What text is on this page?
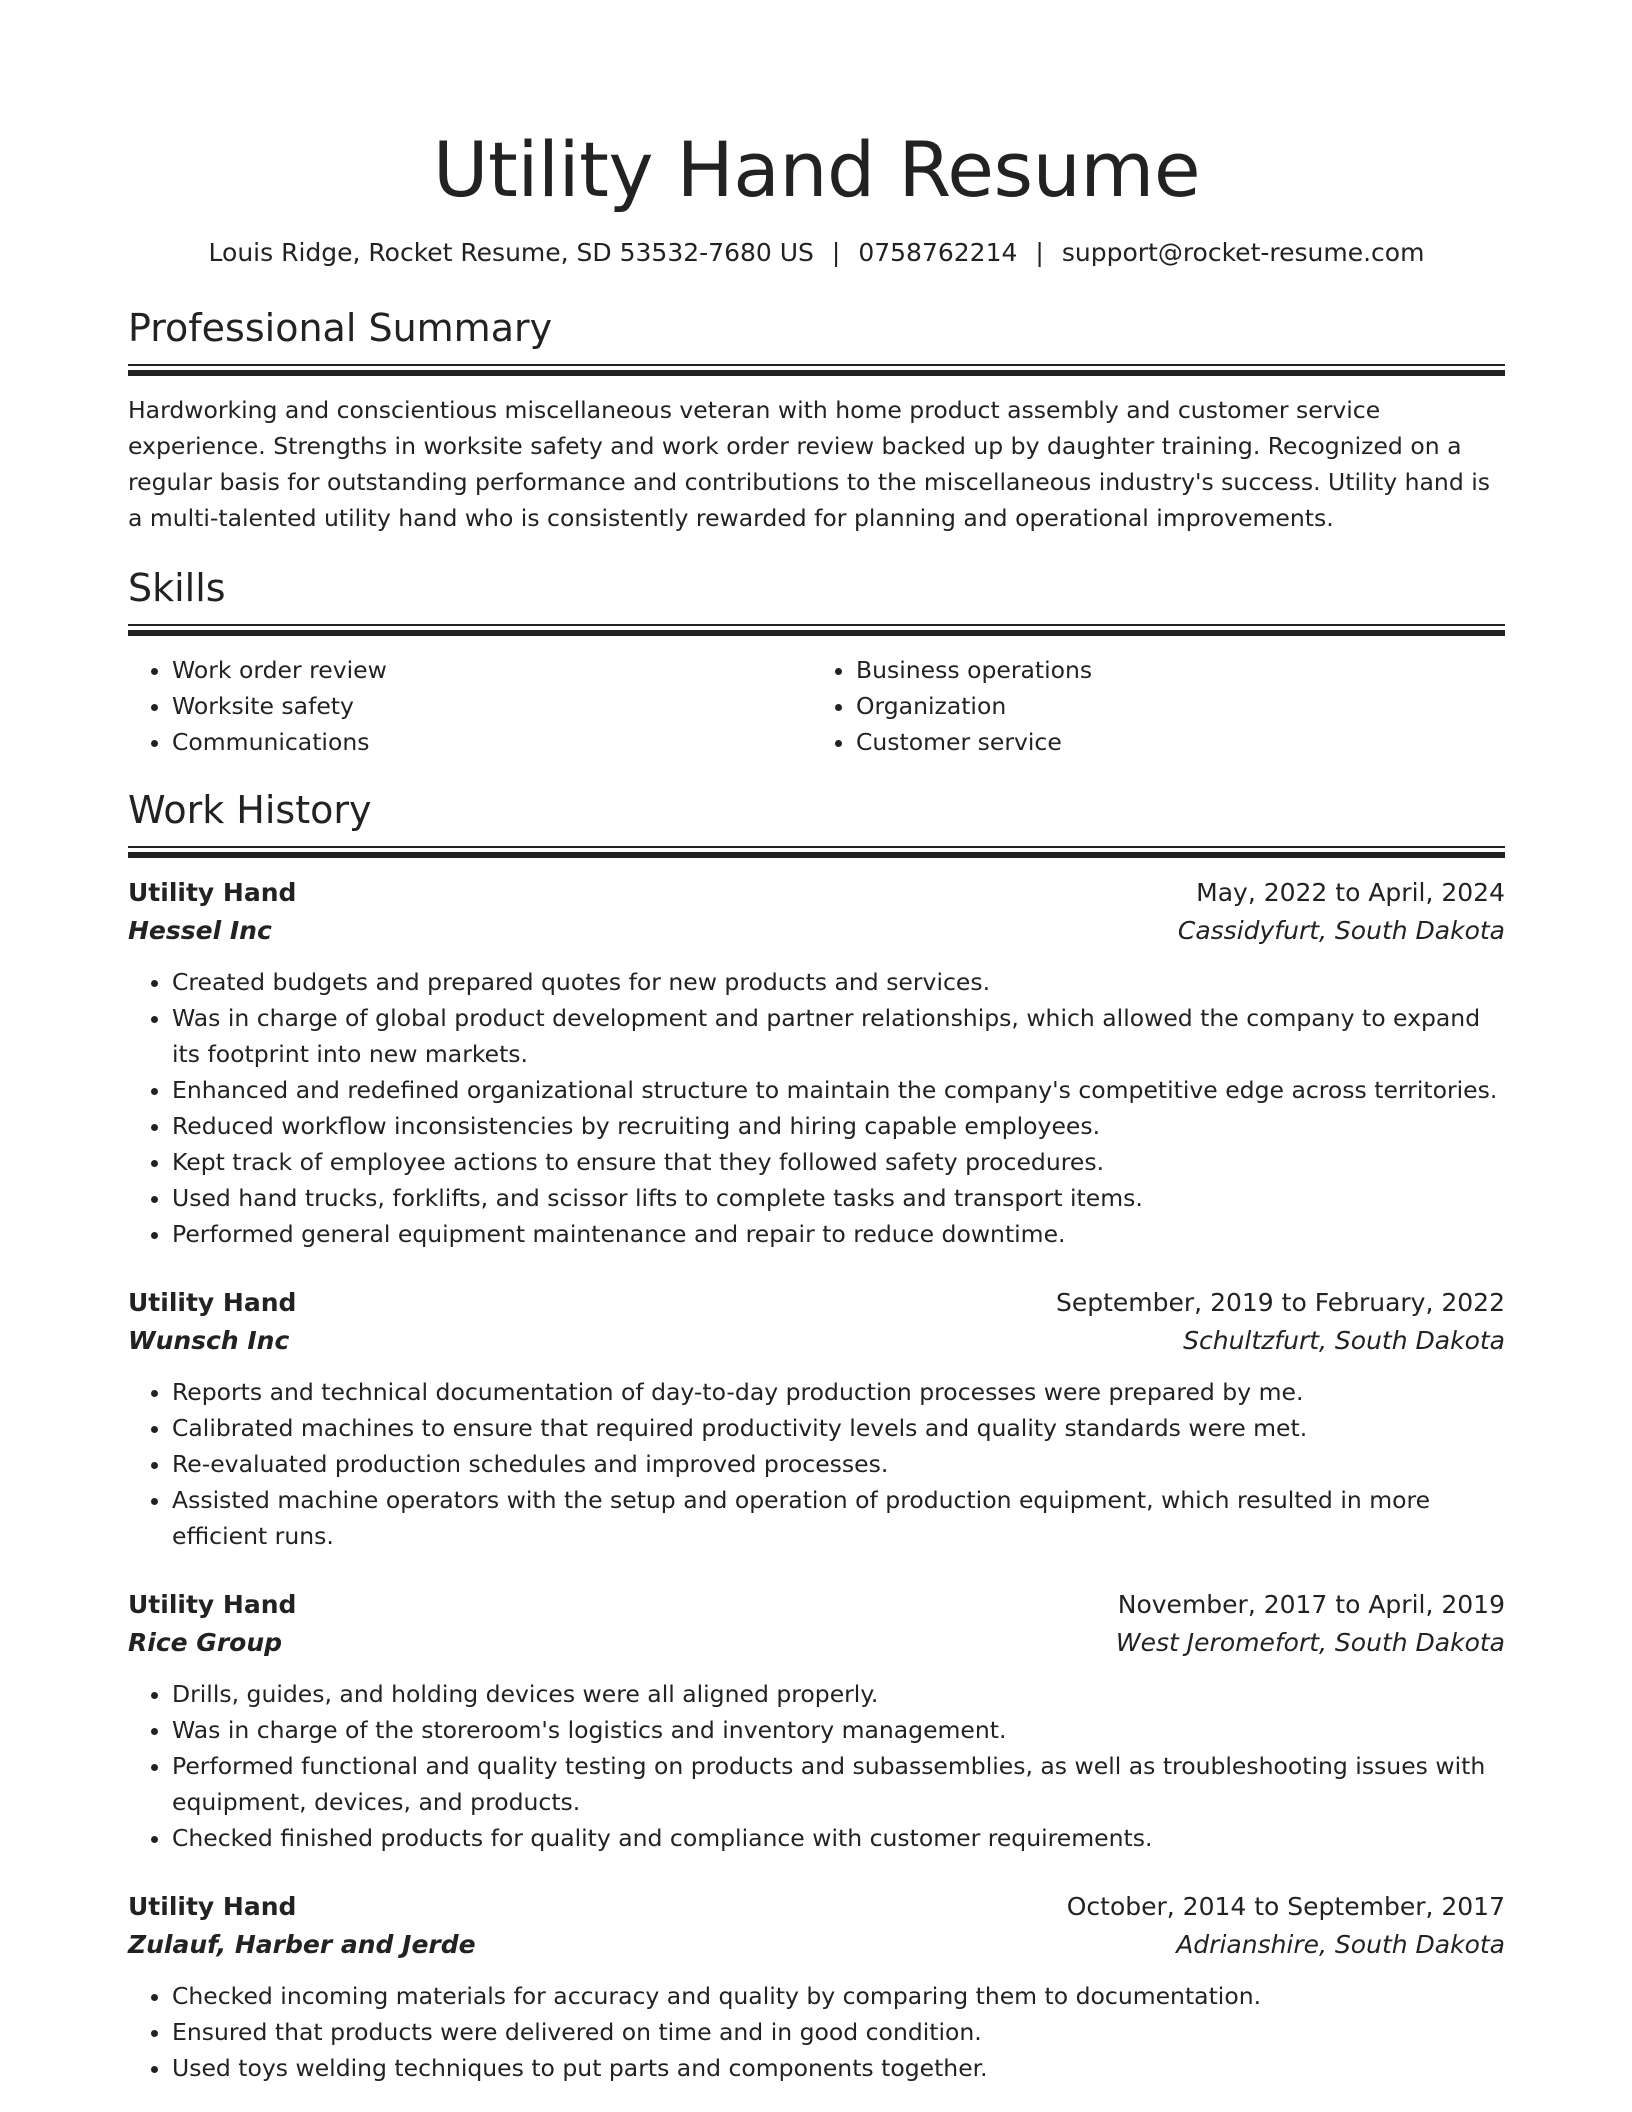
Utility Hand Resume
Louis Ridge, Rocket Resume, SD 53532-7680 US | 0758762214 | support@rocket-resume.com
Professional Summary

Hardworking and conscientious miscellaneous veteran with home product assembly and customer service experience. Strengths in worksite safety and work order review backed up by daughter training. Recognized on a regular basis for outstanding performance and contributions to the miscellaneous industry's success. Utility hand is a multi-talented utility hand who is consistently rewarded for planning and operational improvements.

Skills
• Work order review
• Worksite safety
• Communications
• Business operations
• Organization
• Customer service
Work History
Utility Hand	May, 2022 to April, 2024
Hessel Inc	Cassidyfurt, South Dakota
• Created budgets and prepared quotes for new products and services.
• Was in charge of global product development and partner relationships, which allowed the company to expand its footprint into new markets.
• Enhanced and redefined organizational structure to maintain the company's competitive edge across territories.
• Reduced workflow inconsistencies by recruiting and hiring capable employees.
• Kept track of employee actions to ensure that they followed safety procedures.
• Used hand trucks, forklifts, and scissor lifts to complete tasks and transport items.
• Performed general equipment maintenance and repair to reduce downtime.
Utility Hand	September, 2019 to February, 2022
Wunsch Inc	Schultzfurt, South Dakota
• Reports and technical documentation of day-to-day production processes were prepared by me.
• Calibrated machines to ensure that required productivity levels and quality standards were met.
• Re-evaluated production schedules and improved processes.
• Assisted machine operators with the setup and operation of production equipment, which resulted in more efficient runs.
Utility Hand	November, 2017 to April, 2019
Rice Group	West Jeromefort, South Dakota
• Drills, guides, and holding devices were all aligned properly.
• Was in charge of the storeroom's logistics and inventory management.
• Performed functional and quality testing on products and subassemblies, as well as troubleshooting issues with equipment, devices, and products.
• Checked finished products for quality and compliance with customer requirements.
Utility Hand	October, 2014 to September, 2017
Zulauf, Harber and Jerde	Adrianshire, South Dakota
• Checked incoming materials for accuracy and quality by comparing them to documentation.
• Ensured that products were delivered on time and in good condition.
• Used toys welding techniques to put parts and components together.
